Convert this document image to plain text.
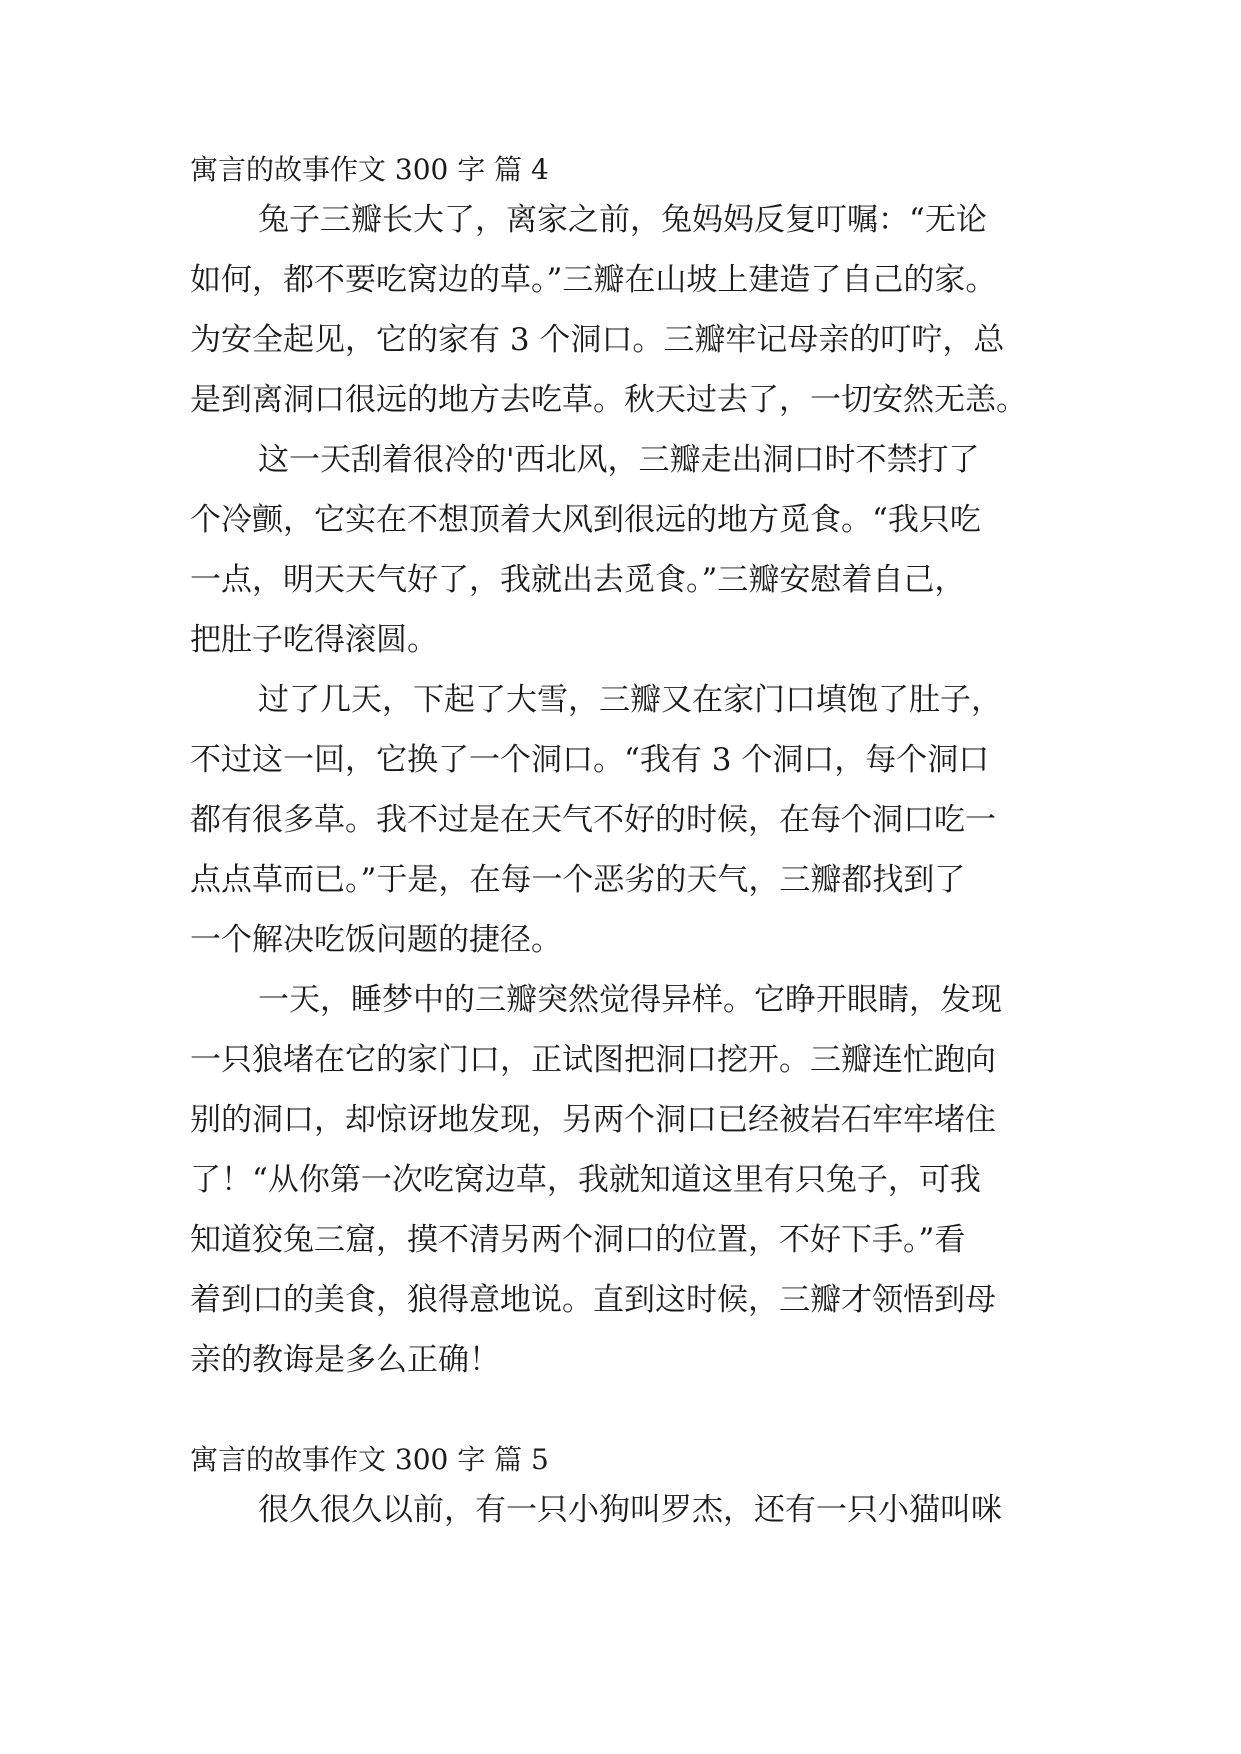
寓言的故事作文 300 字 篇 4
兔子三瓣长大了，离家之前，兔妈妈反复叮嘱：“无论
如何，都不要吃窝边的草。”三瓣在山坡上建造了自己的家。
为安全起见，它的家有 3 个洞口。三瓣牢记母亲的叮咛，总
是到离洞口很远的地方去吃草。秋天过去了，一切安然无恙。
这一天刮着很冷的'西北风，三瓣走出洞口时不禁打了
个冷颤，它实在不想顶着大风到很远的地方觅食。“我只吃
一点，明天天气好了，我就出去觅食。”三瓣安慰着自己，
把肚子吃得滚圆。
过了几天，下起了大雪，三瓣又在家门口填饱了肚子，
不过这一回，它换了一个洞口。“我有 3 个洞口，每个洞口
都有很多草。我不过是在天气不好的时候，在每个洞口吃一
点点草而已。”于是，在每一个恶劣的天气，三瓣都找到了
一个解决吃饭问题的捷径。
一天，睡梦中的三瓣突然觉得异样。它睁开眼睛，发现
一只狼堵在它的家门口，正试图把洞口挖开。三瓣连忙跑向
别的洞口，却惊讶地发现，另两个洞口已经被岩石牢牢堵住
了！“从你第一次吃窝边草，我就知道这里有只兔子，可我
知道狡兔三窟，摸不清另两个洞口的位置，不好下手。”看
着到口的美食，狼得意地说。直到这时候，三瓣才领悟到母
亲的教诲是多么正确！
寓言的故事作文 300 字 篇 5
很久很久以前，有一只小狗叫罗杰，还有一只小猫叫咪
